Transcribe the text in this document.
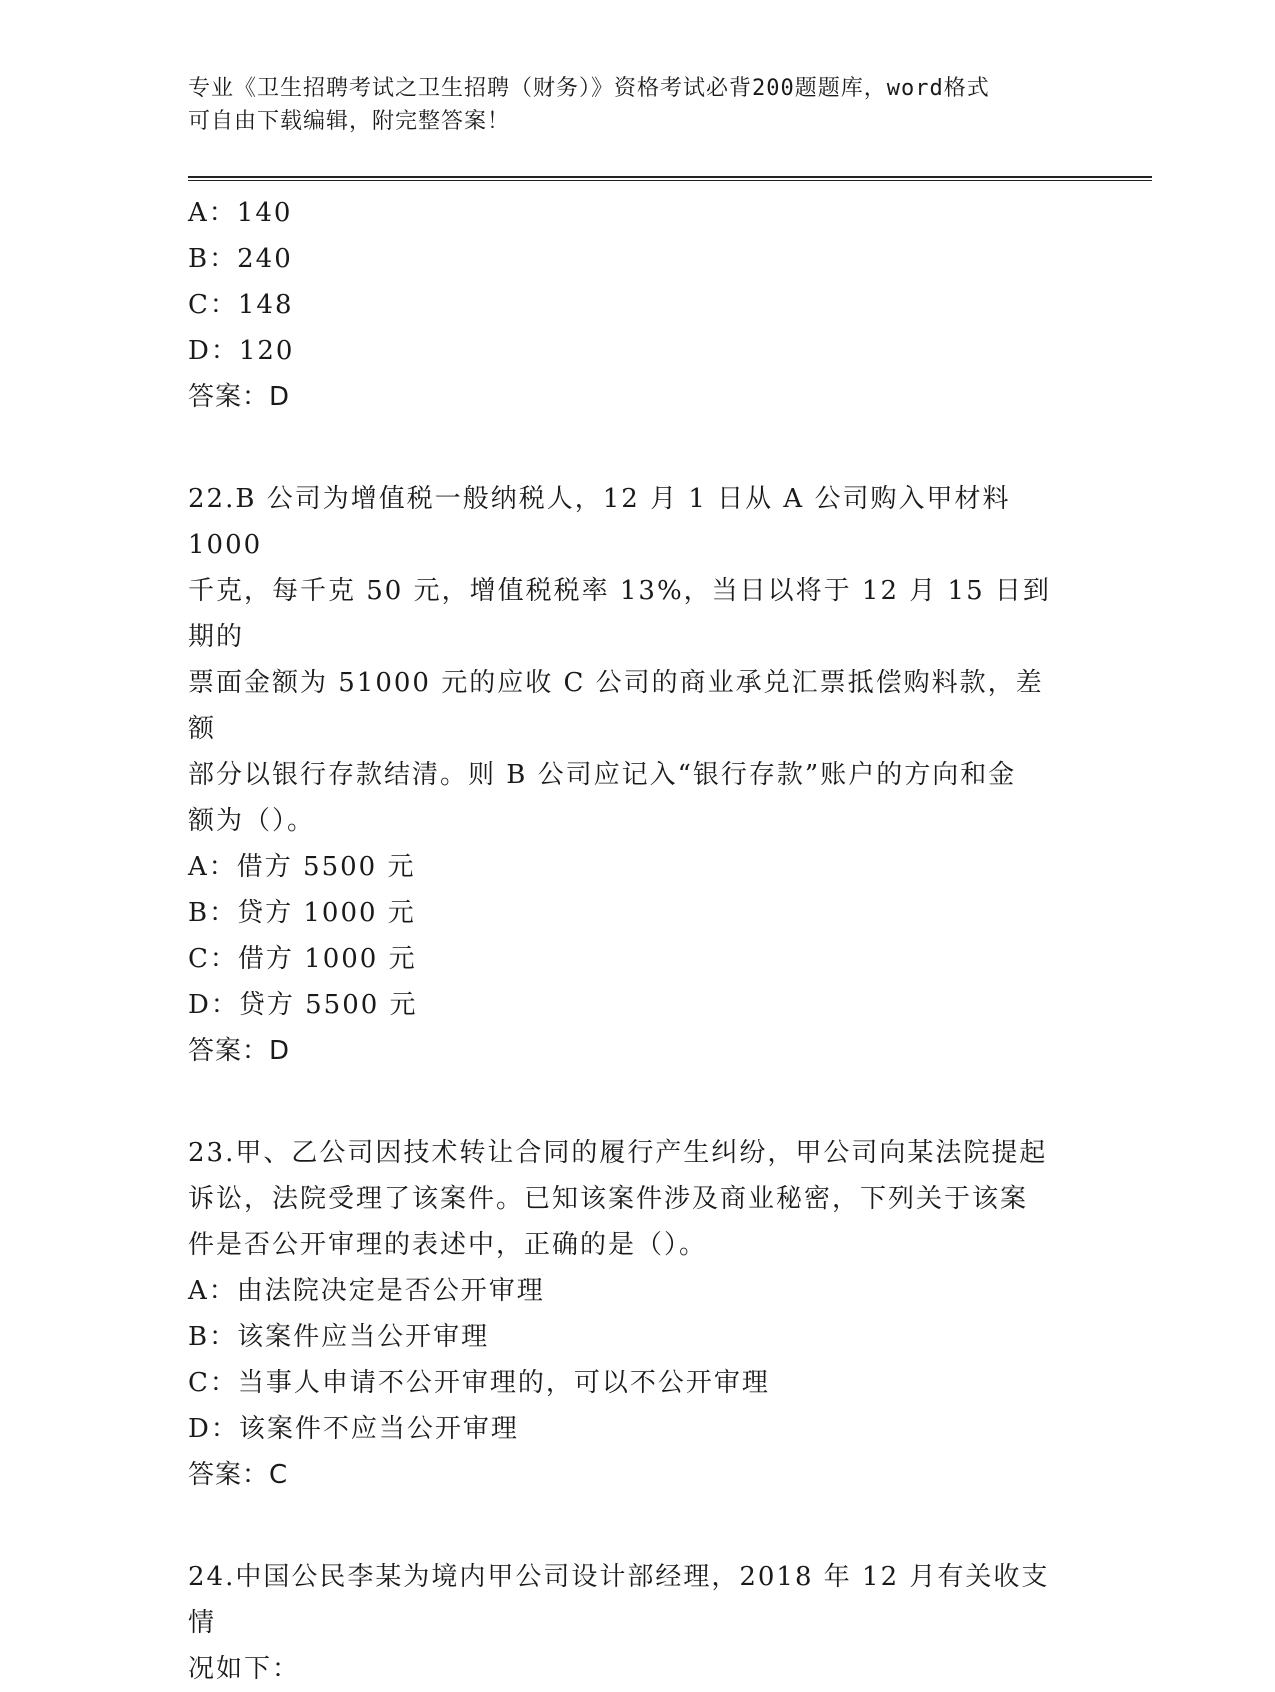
专业《卫生招聘考试之卫生招聘（财务）》资格考试必背200题题库，word格式
可自由下载编辑，附完整答案！
A：140
B：240
C：148
D：120
答案：D
22.B 公司为增值税一般纳税人，12 月 1 日从 A 公司购入甲材料 1000
千克，每千克 50 元，增值税税率 13%，当日以将于 12 月 15 日到期的
票面金额为 51000 元的应收 C 公司的商业承兑汇票抵偿购料款，差额
部分以银行存款结清。则 B 公司应记入“银行存款”账户的方向和金
额为（）。
A：借方 5500 元
B：贷方 1000 元
C：借方 1000 元
D：贷方 5500 元
答案：D
23.甲、乙公司因技术转让合同的履行产生纠纷，甲公司向某法院提起
诉讼，法院受理了该案件。已知该案件涉及商业秘密，下列关于该案
件是否公开审理的表述中，正确的是（）。
A：由法院决定是否公开审理
B：该案件应当公开审理
C：当事人申请不公开审理的，可以不公开审理
D：该案件不应当公开审理
答案：C
24.中国公民李某为境内甲公司设计部经理，2018 年 12 月有关收支情
况如下：
